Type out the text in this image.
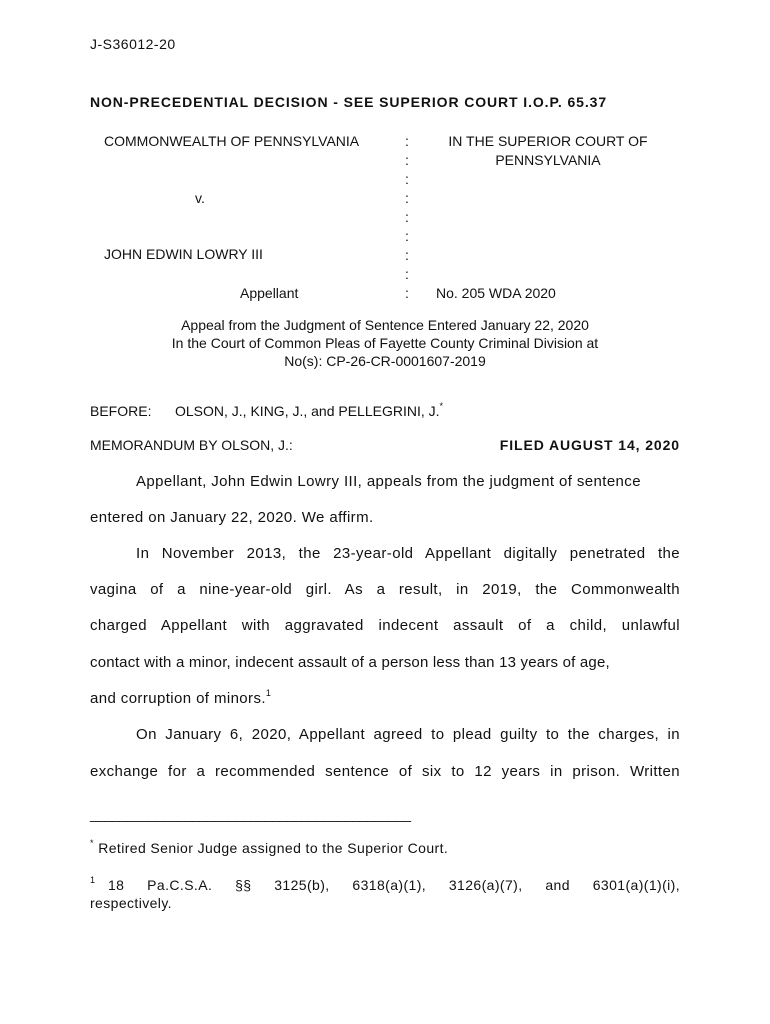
J-S36012-20
NON-PRECEDENTIAL DECISION - SEE SUPERIOR COURT I.O.P. 65.37
COMMONWEALTH OF PENNSYLVANIA
v.
JOHN EDWIN LOWRY III
Appellant
:
:
:
:
:
:
:
:
:
IN THE SUPERIOR COURT OF
PENNSYLVANIA
No. 205 WDA 2020
Appeal from the Judgment of Sentence Entered January 22, 2020
In the Court of Common Pleas of Fayette County Criminal Division at
No(s): CP-26-CR-0001607-2019
BEFORE: OLSON, J., KING, J., and PELLEGRINI, J.*
MEMORANDUM BY OLSON, J.:	FILED AUGUST 14, 2020
Appellant, John Edwin Lowry III, appeals from the judgment of sentence
entered on January 22, 2020. We affirm.
In November 2013, the 23-year-old Appellant digitally penetrated the
vagina of a nine-year-old girl. As a result, in 2019, the Commonwealth
charged Appellant with aggravated indecent assault of a child, unlawful
contact with a minor, indecent assault of a person less than 13 years of age,
and corruption of minors.$^1$
On January 6, 2020, Appellant agreed to plead guilty to the charges, in
exchange for a recommended sentence of six to 12 years in prison. Written
____________________________________________
* Retired Senior Judge assigned to the Superior Court.
$^1$ 18 Pa.C.S.A. §§ 3125(b), 6318(a)(1), 3126(a)(7), and 6301(a)(1)(i),
respectively.
